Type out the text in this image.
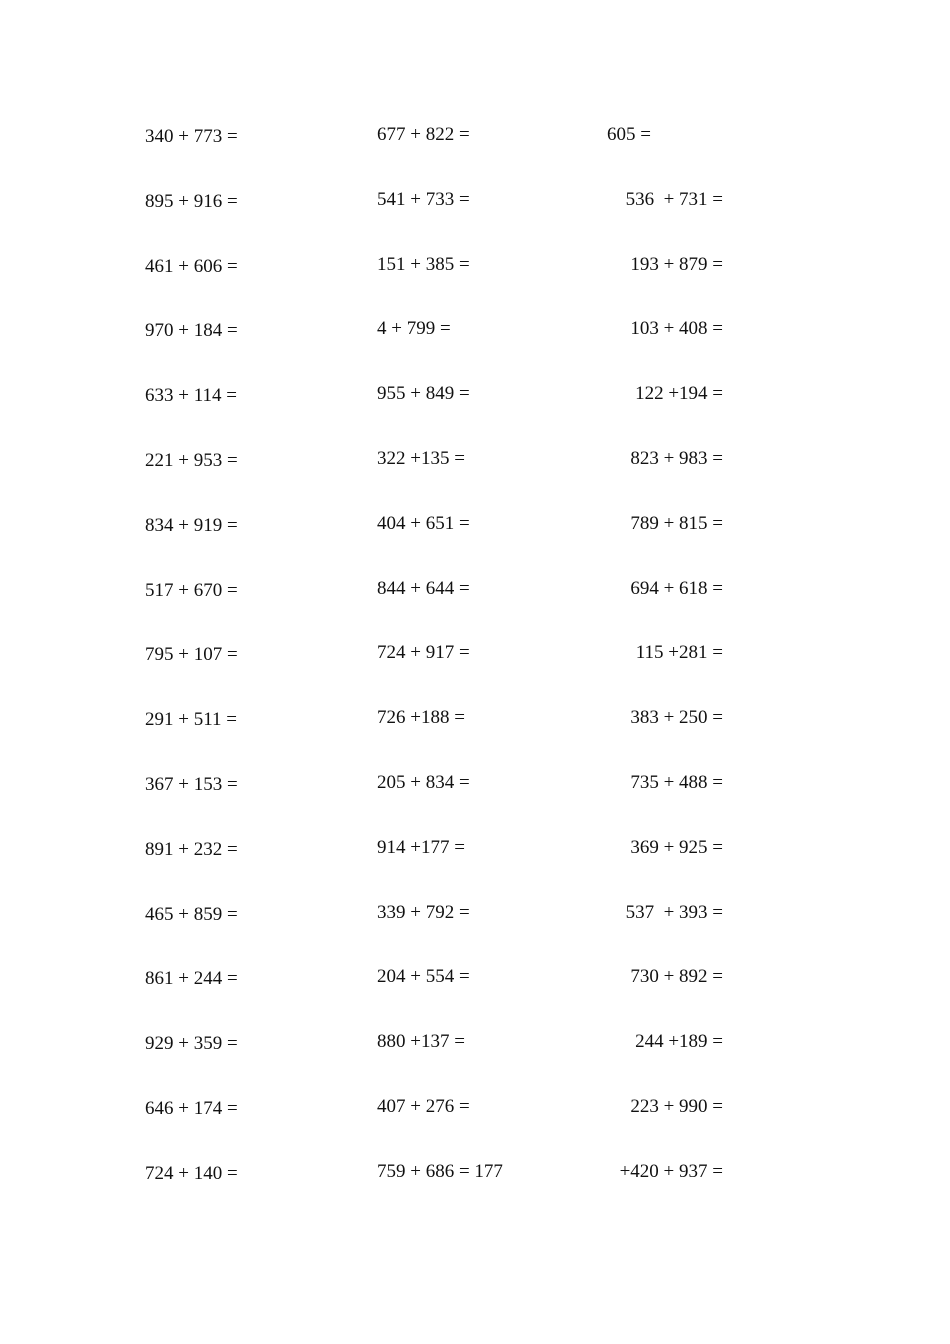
340 + 773 =
895 + 916 =
461 + 606 =
970 + 184 =
633 + 114 =
221 + 953 =
834 + 919 =
517 + 670 =
795 + 107 =
291 + 511 =
367 + 153 =
891 + 232 =
465 + 859 =
861 + 244 =
929 + 359 =
646 + 174 =
724 + 140 =
677 + 822 =
541 + 733 =
151 + 385 =
4 + 799 =
955 + 849 =
322 +135 =
404 + 651 =
844 + 644 =
724 + 917 =
726 +188 =
205 + 834 =
914 +177 =
339 + 792 =
204 + 554 =
880 +137 =
407 + 276 =
759 + 686 = 177
605 =
536  + 731 =
193 + 879 =
103 + 408 =
122 +194 =
823 + 983 =
789 + 815 =
694 + 618 =
115 +281 =
383 + 250 =
735 + 488 =
369 + 925 =
537  + 393 =
730 + 892 =
244 +189 =
223 + 990 =
+420 + 937 =
